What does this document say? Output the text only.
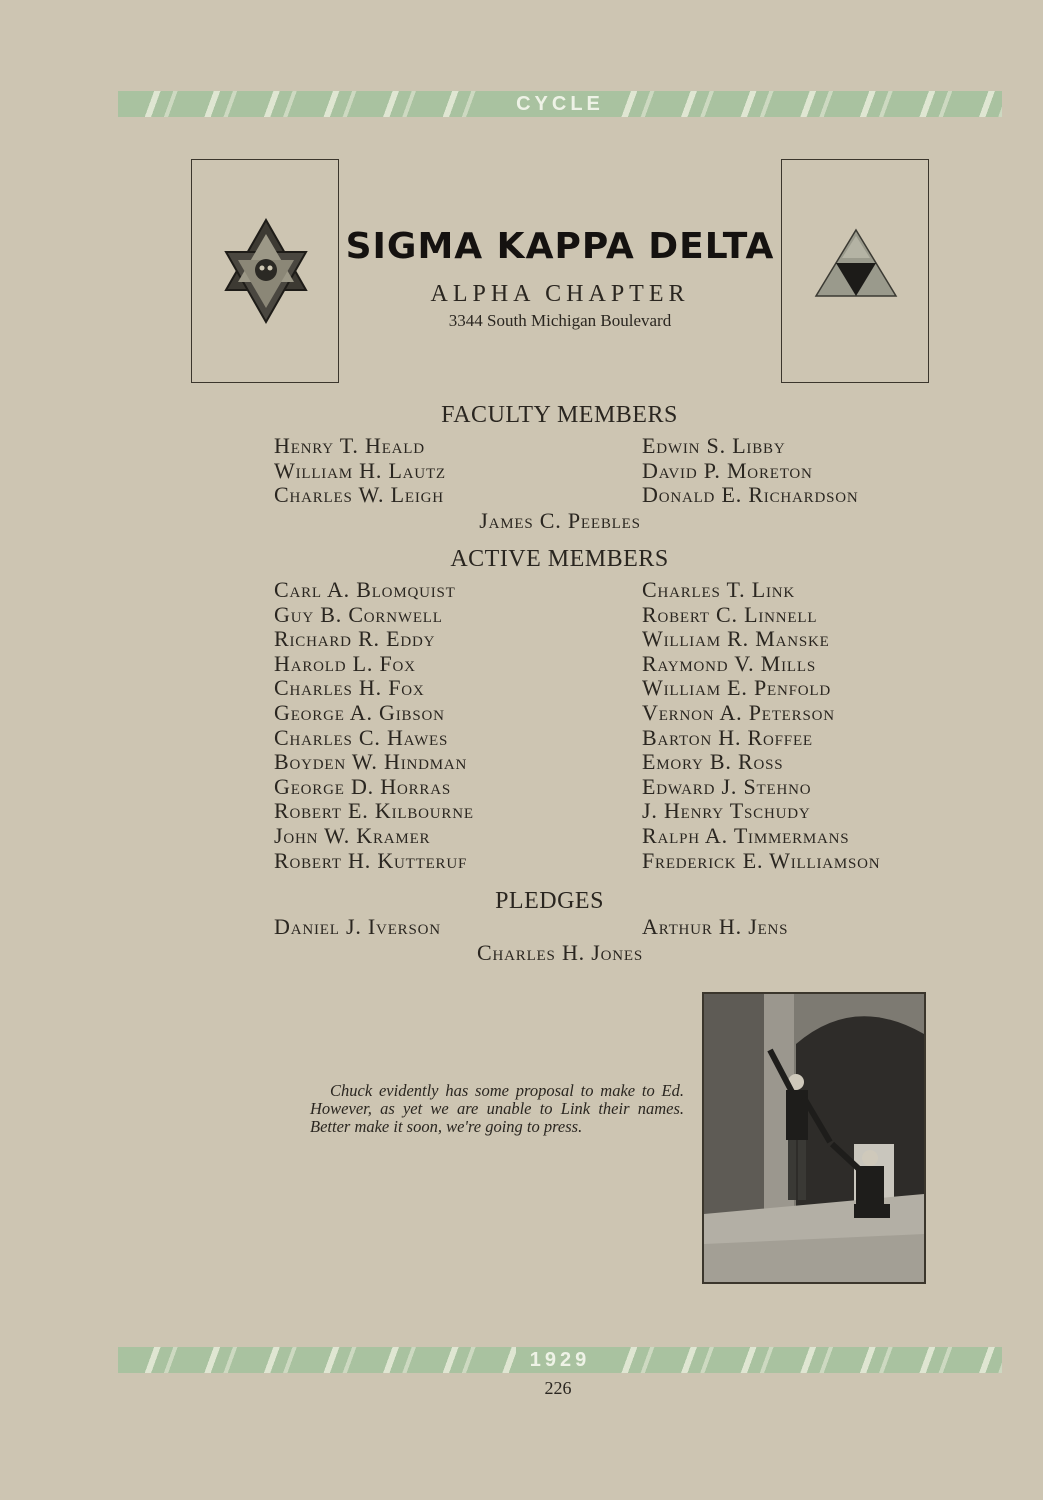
CYCLE
SIGMA KAPPA DELTA

ALPHA CHAPTER

3344 South Michigan Boulevard

FACULTY MEMBERS
Henry T. Heald
William H. Lautz
Charles W. Leigh
Edwin S. Libby
David P. Moreton
Donald E. Richardson

James C. Peebles

ACTIVE MEMBERS
Carl A. Blomquist
Guy B. Cornwell
Richard R. Eddy
Harold L. Fox
Charles H. Fox
George A. Gibson
Charles C. Hawes
Boyden W. Hindman
George D. Horras
Robert E. Kilbourne
John W. Kramer
Robert H. Kutteruf
Charles T. Link
Robert C. Linnell
William R. Manske
Raymond V. Mills
William E. Penfold
Vernon A. Peterson
Barton H. Roffee
Emory B. Ross
Edward J. Stehno
J. Henry Tschudy
Ralph A. Timmermans
Frederick E. Williamson
PLEDGES
Daniel J. Iverson	Arthur H. Jens

Charles H. Jones

Chuck evidently has some proposal to make to Ed. However, as yet we are unable to Link their names. Better make it soon, we're going to press.

1929

226
